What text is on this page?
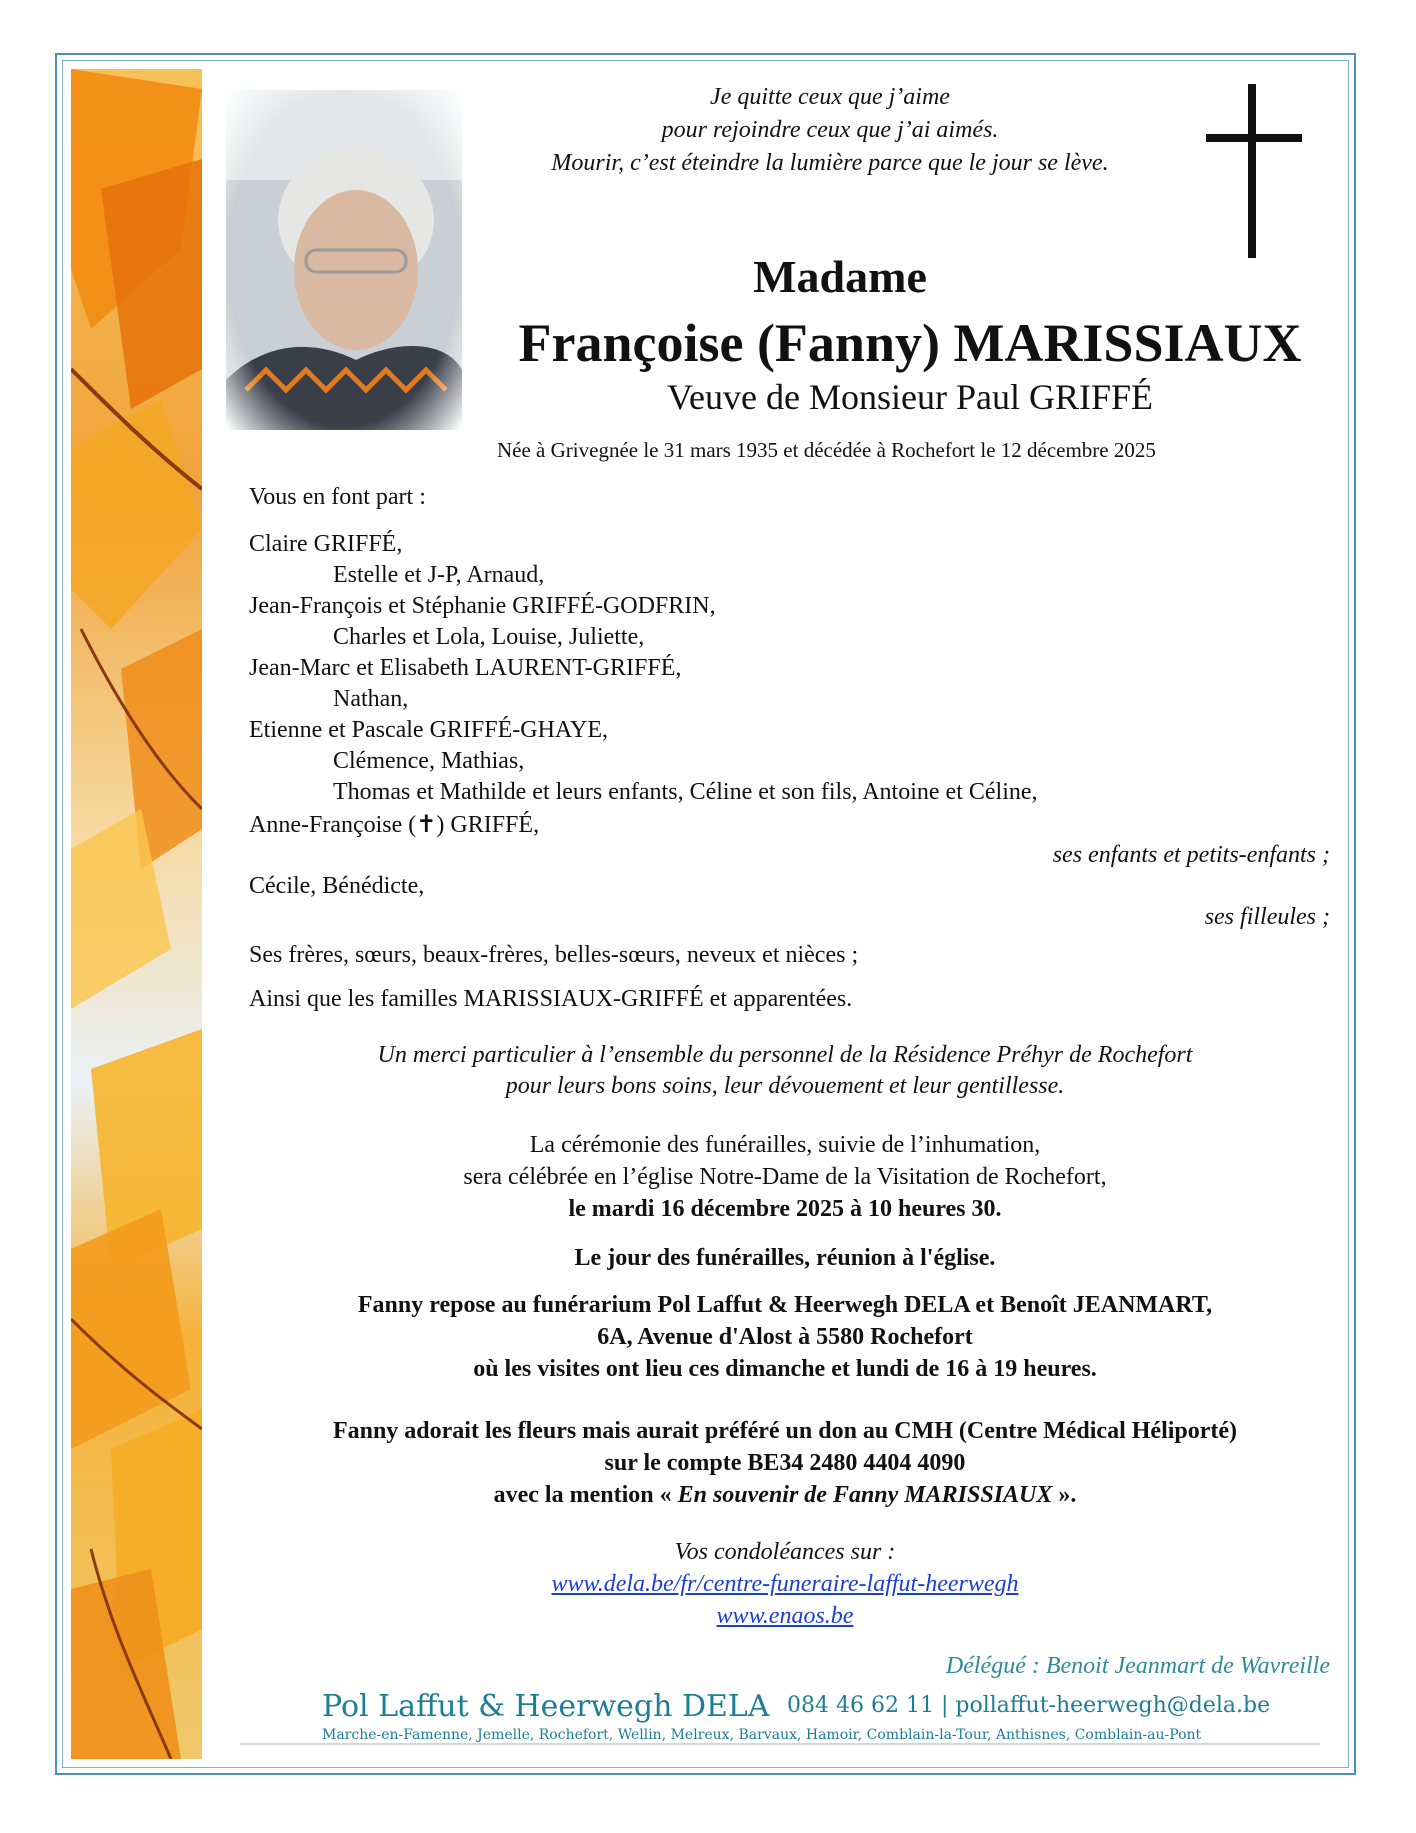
Je quitte ceux que j’aime
pour rejoindre ceux que j’ai aimés.
Mourir, c’est éteindre la lumière parce que le jour se lève.
Madame
Françoise (Fanny) MARISSIAUX
Veuve de Monsieur Paul GRIFFÉ
Née à Grivegnée le 31 mars 1935 et décédée à Rochefort le 12 décembre 2025
Vous en font part :
Claire GRIFFÉ,
Estelle et J-P, Arnaud,
Jean-François et Stéphanie GRIFFÉ-GODFRIN,
Charles et Lola, Louise, Juliette,
Jean-Marc et Elisabeth LAURENT-GRIFFÉ,
Nathan,
Etienne et Pascale GRIFFÉ-GHAYE,
Clémence, Mathias,
Thomas et Mathilde et leurs enfants, Céline et son fils, Antoine et Céline,
Anne-Françoise (✝) GRIFFÉ,
ses enfants et petits-enfants ;
Cécile, Bénédicte,
ses filleules ;
Ses frères, sœurs, beaux-frères, belles-sœurs, neveux et nièces ;
Ainsi que les familles MARISSIAUX-GRIFFÉ et apparentées.
Un merci particulier à l’ensemble du personnel de la Résidence Préhyr de Rochefort
pour leurs bons soins, leur dévouement et leur gentillesse.
La cérémonie des funérailles, suivie de l’inhumation,
sera célébrée en l’église Notre-Dame de la Visitation de Rochefort,
le mardi 16 décembre 2025 à 10 heures 30.
Le jour des funérailles, réunion à l'église.
Fanny repose au funérarium Pol Laffut & Heerwegh DELA et Benoît JEANMART,
6A, Avenue d'Alost à 5580 Rochefort
où les visites ont lieu ces dimanche et lundi de 16 à 19 heures.
Fanny adorait les fleurs mais aurait préféré un don au CMH (Centre Médical Héliporté)
sur le compte BE34 2480 4404 4090
avec la mention « En souvenir de Fanny MARISSIAUX ».
Vos condoléances sur :
www.dela.be/fr/centre-funeraire-laffut-heerwegh
www.enaos.be
Délégué : Benoit Jeanmart de Wavreille
Pol Laffut & Heerwegh DELA 084 46 62 11 | pollaffut-heerwegh@dela.be
Marche-en-Famenne, Jemelle, Rochefort, Wellin, Melreux, Barvaux, Hamoir, Comblain-la-Tour, Anthisnes, Comblain-au-Pont
